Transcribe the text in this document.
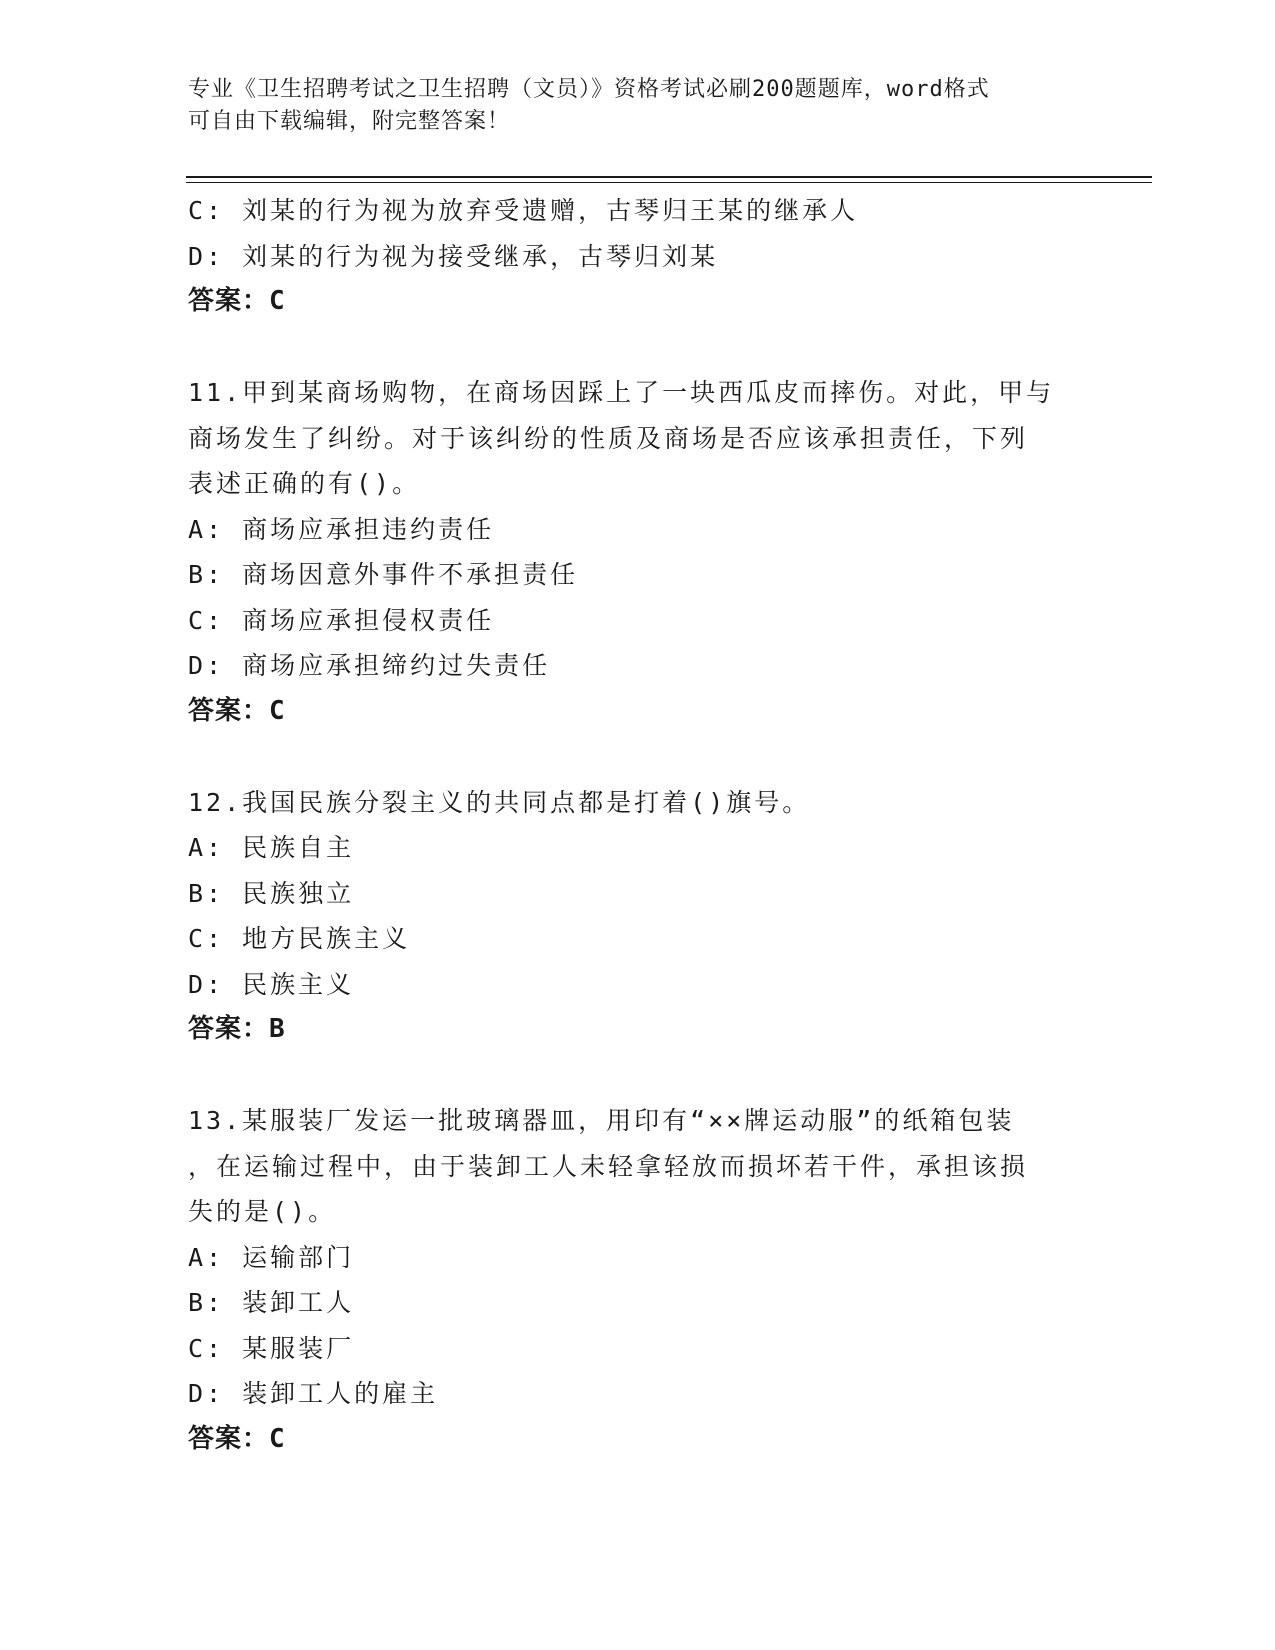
专业《卫生招聘考试之卫生招聘（文员）》资格考试必刷200题题库，word格式
可自由下载编辑，附完整答案！
C: 刘某的行为视为放弃受遗赠，古琴归王某的继承人
D: 刘某的行为视为接受继承，古琴归刘某
答案：C
11.甲到某商场购物，在商场因踩上了一块西瓜皮而摔伤。对此，甲与
商场发生了纠纷。对于该纠纷的性质及商场是否应该承担责任，下列
表述正确的有()。
A: 商场应承担违约责任
B: 商场因意外事件不承担责任
C: 商场应承担侵权责任
D: 商场应承担缔约过失责任
答案：C
12.我国民族分裂主义的共同点都是打着()旗号。
A: 民族自主
B: 民族独立
C: 地方民族主义
D: 民族主义
答案：B
13.某服装厂发运一批玻璃器皿，用印有“××牌运动服”的纸箱包装
，在运输过程中，由于装卸工人未轻拿轻放而损坏若干件，承担该损
失的是()。
A: 运输部门
B: 装卸工人
C: 某服装厂
D: 装卸工人的雇主
答案：C
